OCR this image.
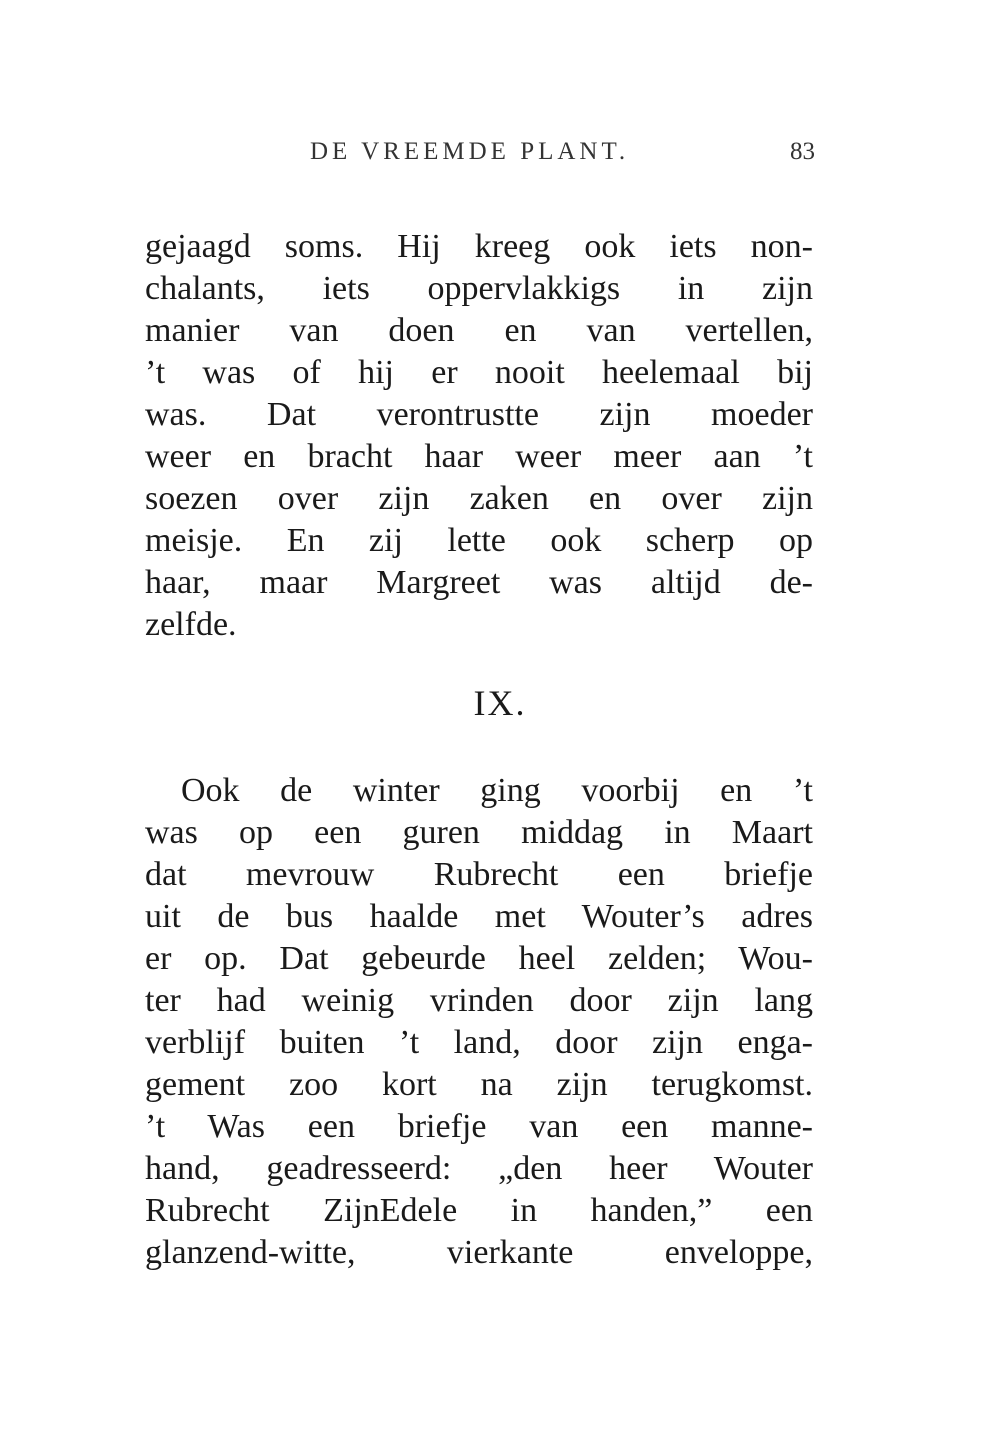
DE VREEMDE PLANT.	83
gejaagd soms. Hij kreeg ook iets non-
chalants, iets oppervlakkigs in zijn
manier van doen en van vertellen,
’t was of hij er nooit heelemaal bij
was. Dat verontrustte zijn moeder
weer en bracht haar weer meer aan ’t
soezen over zijn zaken en over zijn
meisje. En zij lette ook scherp op
haar, maar Margreet was altijd de-
zelfde.
IX.
Ook de winter ging voorbij en ’t
was op een guren middag in Maart
dat mevrouw Rubrecht een briefje
uit de bus haalde met Wouter’s adres
er op. Dat gebeurde heel zelden; Wou-
ter had weinig vrinden door zijn lang
verblijf buiten ’t land, door zijn enga-
gement zoo kort na zijn terugkomst.
’t Was een briefje van een manne-
hand, geadresseerd: „den heer Wouter
Rubrecht ZijnEdele in handen,” een
glanzend-witte, vierkante enveloppe,
